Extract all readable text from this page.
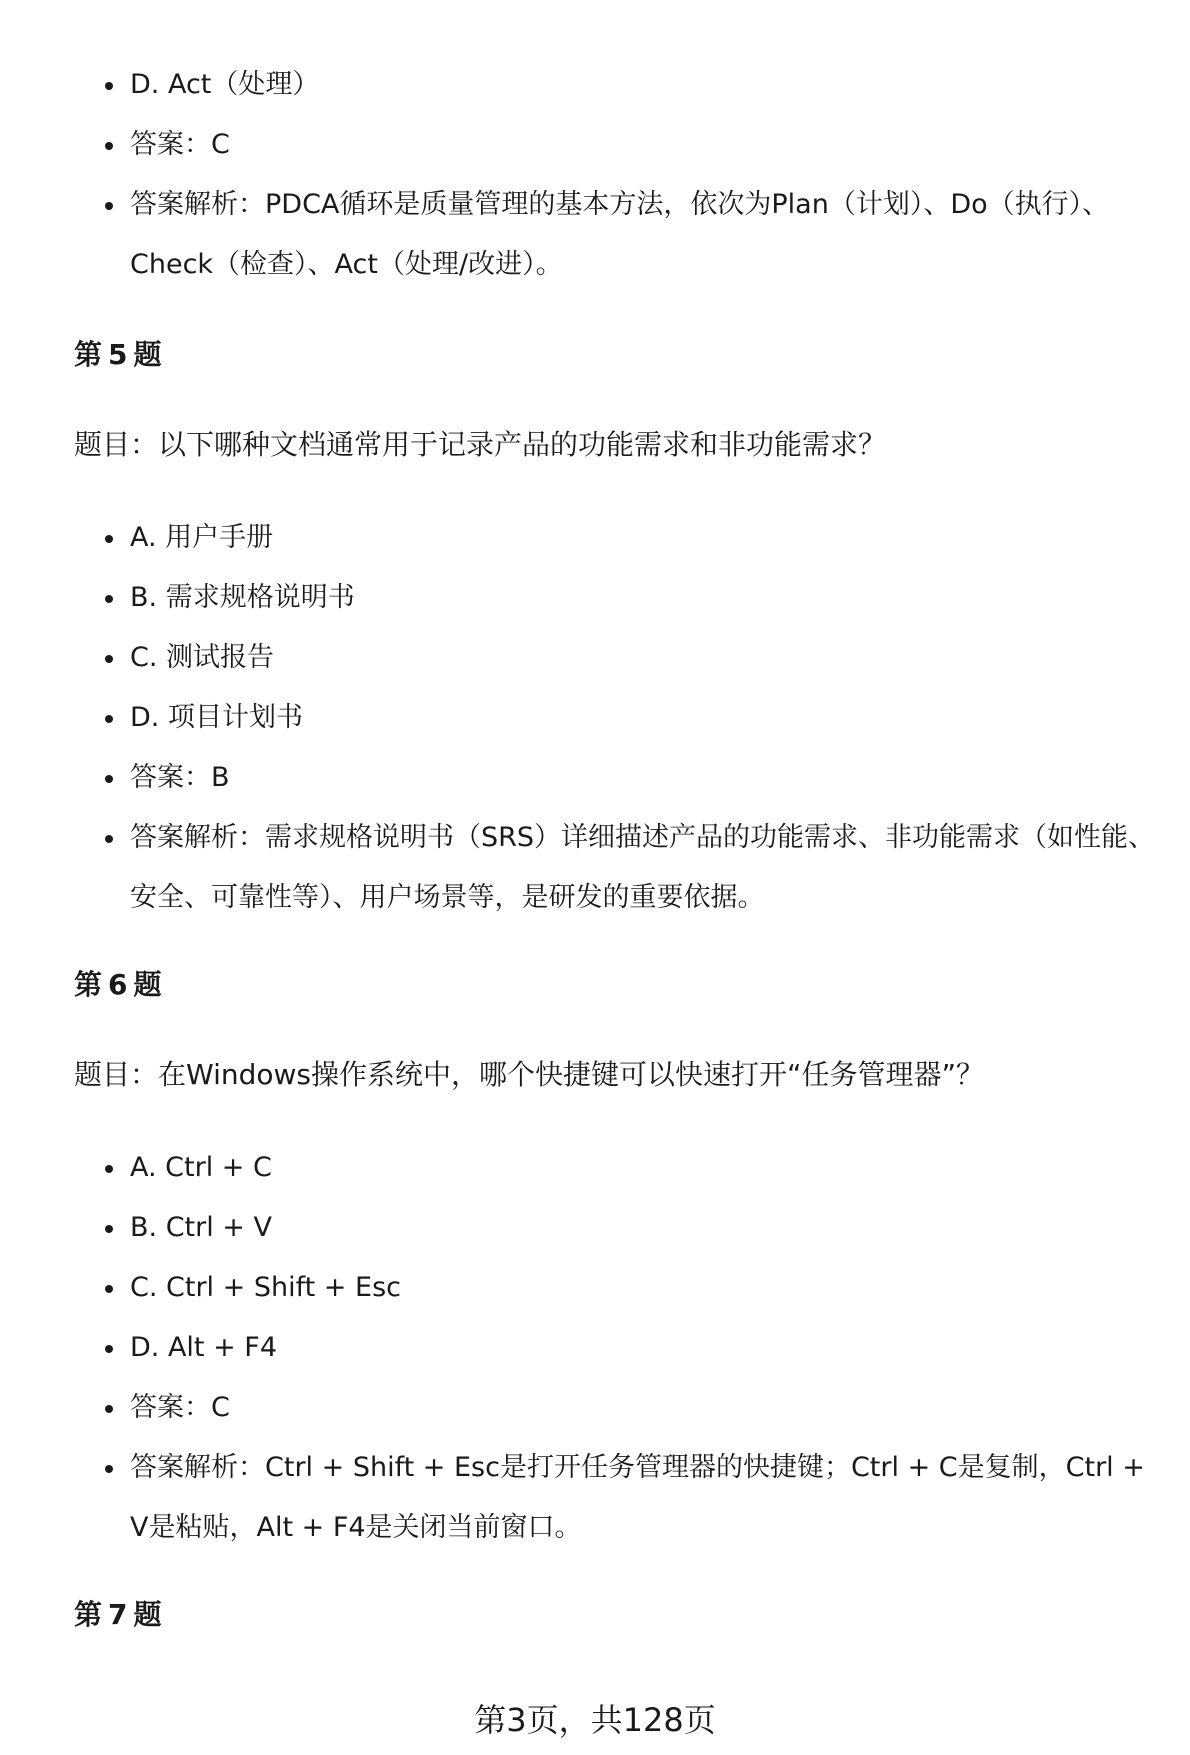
D. Act（处理）
答案：C
答案解析：PDCA循环是质量管理的基本方法，依次为Plan（计划）、Do（执行）、Check（检查）、Act（处理/改进）。
第 5 题
题目：以下哪种文档通常用于记录产品的功能需求和非功能需求？
A. 用户手册
B. 需求规格说明书
C. 测试报告
D. 项目计划书
答案：B
答案解析：需求规格说明书（SRS）详细描述产品的功能需求、非功能需求（如性能、安全、可靠性等）、用户场景等，是研发的重要依据。
第 6 题
题目：在Windows操作系统中，哪个快捷键可以快速打开“任务管理器”？
A. Ctrl + C
B. Ctrl + V
C. Ctrl + Shift + Esc
D. Alt + F4
答案：C
答案解析：Ctrl + Shift + Esc是打开任务管理器的快捷键；Ctrl + C是复制，Ctrl + V是粘贴，Alt + F4是关闭当前窗口。
第 7 题
第3页，共128页
